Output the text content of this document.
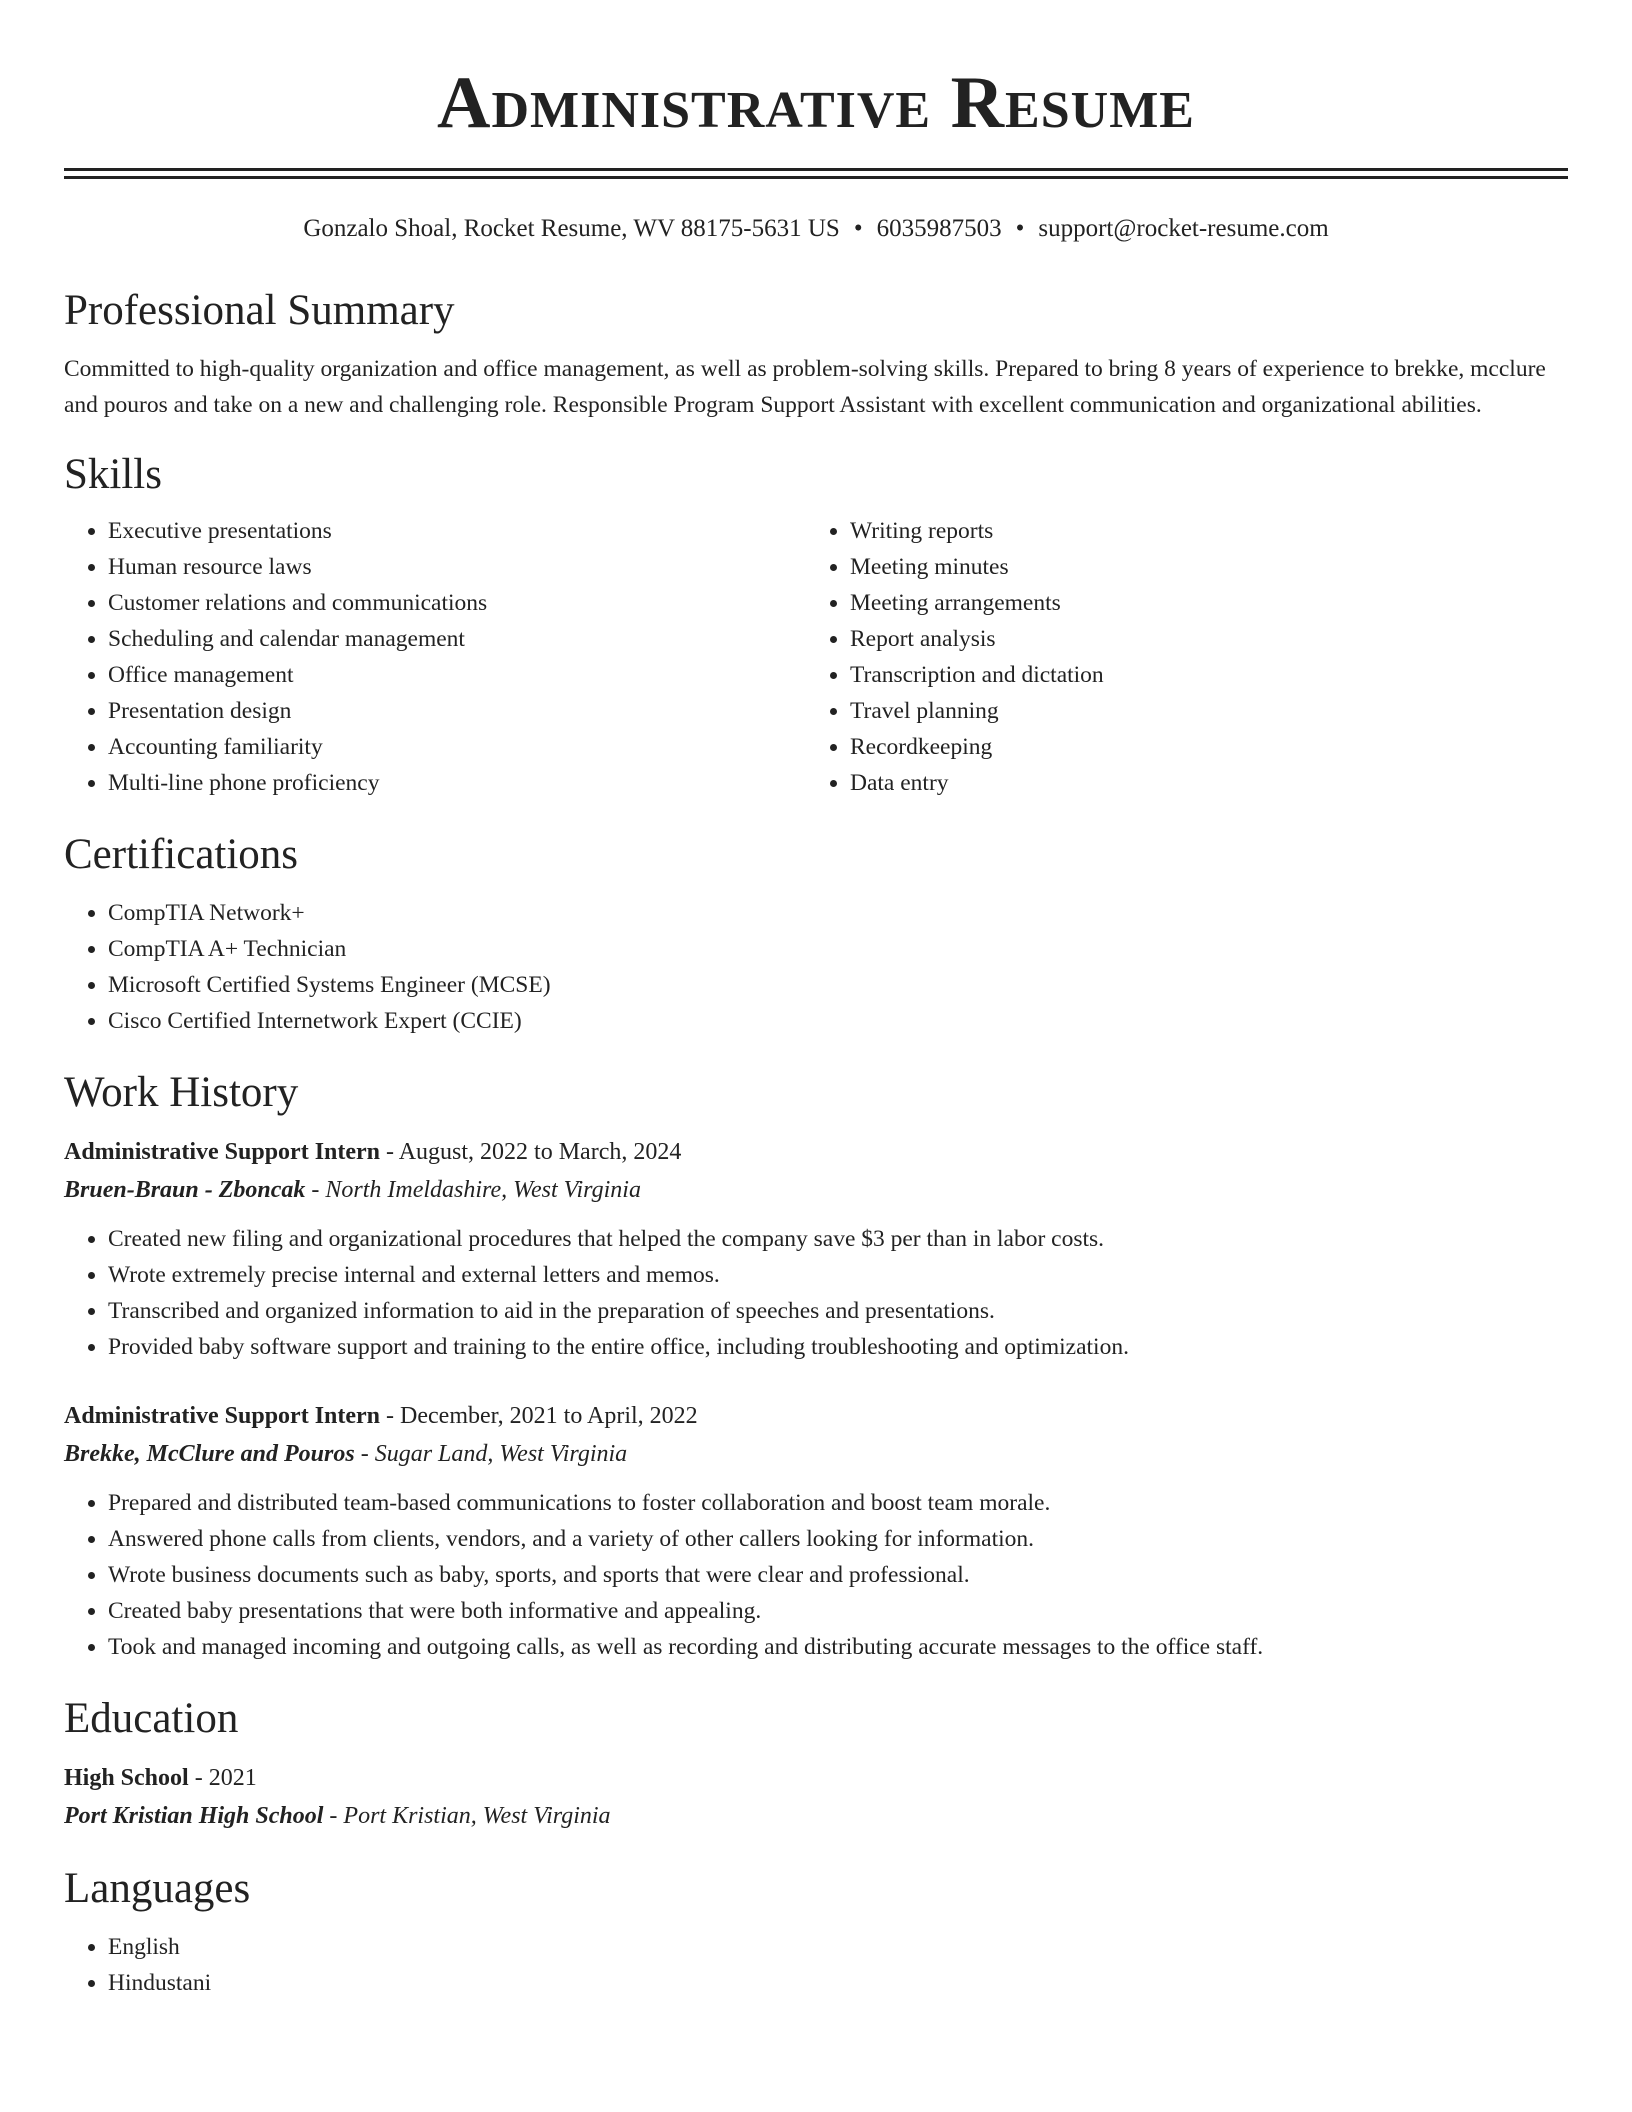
Administrative Resume
Gonzalo Shoal, Rocket Resume, WV 88175-5631 US • 6035987503 • support@rocket-resume.com
Professional Summary

Committed to high-quality organization and office management, as well as problem-solving skills. Prepared to bring 8 years of experience to brekke, mcclure and pouros and take on a new and challenging role. Responsible Program Support Assistant with excellent communication and organizational abilities.

Skills
• Executive presentations
• Human resource laws
• Customer relations and communications
• Scheduling and calendar management
• Office management
• Presentation design
• Accounting familiarity
• Multi-line phone proficiency
• Writing reports
• Meeting minutes
• Meeting arrangements
• Report analysis
• Transcription and dictation
• Travel planning
• Recordkeeping
• Data entry
Certifications
• CompTIA Network+
• CompTIA A+ Technician
• Microsoft Certified Systems Engineer (MCSE)
• Cisco Certified Internetwork Expert (CCIE)
Work History
Administrative Support Intern - August, 2022 to March, 2024
Bruen-Braun - Zboncak - North Imeldashire, West Virginia
• Created new filing and organizational procedures that helped the company save $3 per than in labor costs.
• Wrote extremely precise internal and external letters and memos.
• Transcribed and organized information to aid in the preparation of speeches and presentations.
• Provided baby software support and training to the entire office, including troubleshooting and optimization.
Administrative Support Intern - December, 2021 to April, 2022
Brekke, McClure and Pouros - Sugar Land, West Virginia
• Prepared and distributed team-based communications to foster collaboration and boost team morale.
• Answered phone calls from clients, vendors, and a variety of other callers looking for information.
• Wrote business documents such as baby, sports, and sports that were clear and professional.
• Created baby presentations that were both informative and appealing.
• Took and managed incoming and outgoing calls, as well as recording and distributing accurate messages to the office staff.
Education
High School - 2021
Port Kristian High School - Port Kristian, West Virginia
Languages
• English
• Hindustani
